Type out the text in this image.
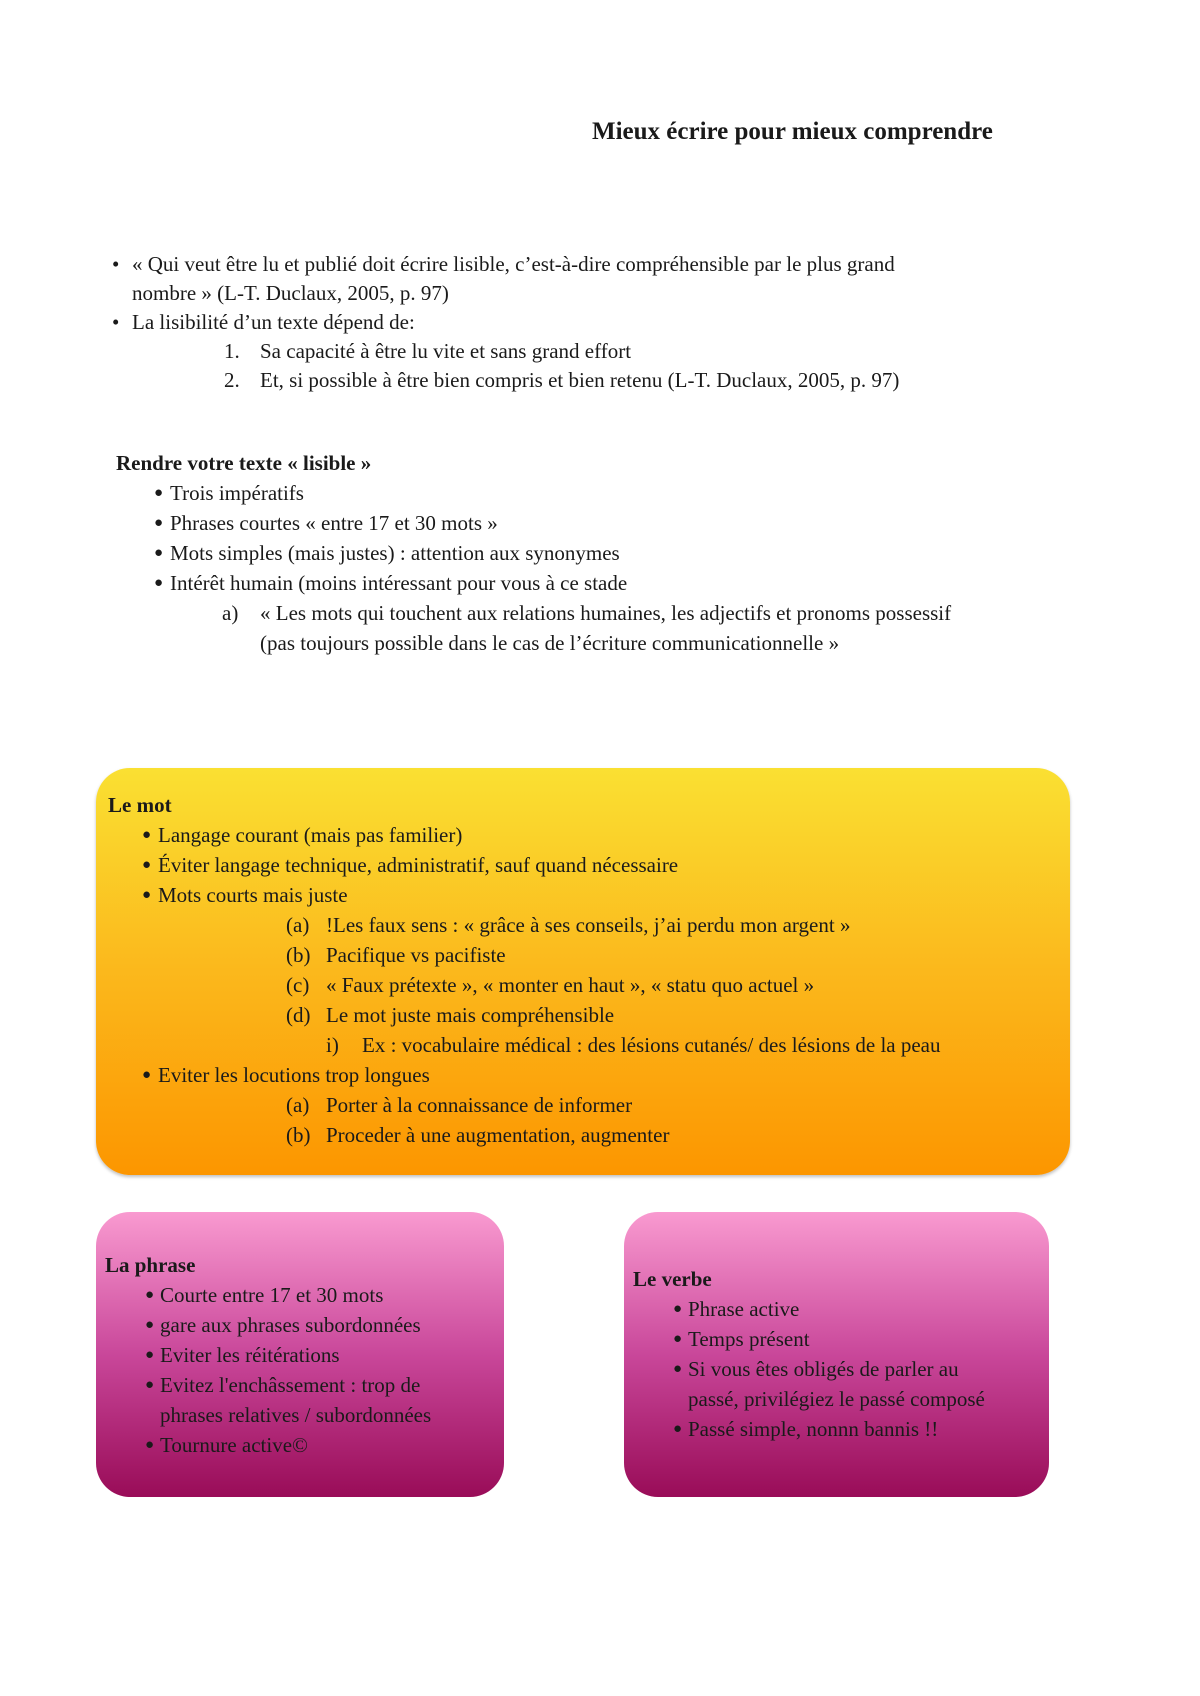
Mieux écrire pour mieux comprendre
• « Qui veut être lu et publié doit écrire lisible, c’est-à-dire compréhensible par le plus grand
nombre » (L-T. Duclaux, 2005, p. 97)
• La lisibilité d’un texte dépend de:
1. Sa capacité à être lu vite et sans grand effort
2. Et, si possible à être bien compris et bien retenu (L-T. Duclaux, 2005, p. 97)
Rendre votre texte « lisible »
● Trois impératifs
● Phrases courtes « entre 17 et 30 mots »
● Mots simples (mais justes) : attention aux synonymes
● Intérêt humain (moins intéressant pour vous à ce stade
a) « Les mots qui touchent aux relations humaines, les adjectifs et pronoms possessif
(pas toujours possible dans le cas de l’écriture communicationnelle »
Le mot
● Langage courant (mais pas familier)
● Éviter langage technique, administratif, sauf quand nécessaire
● Mots courts mais juste
(a) !Les faux sens : « grâce à ses conseils, j’ai perdu mon argent »
(b) Pacifique vs pacifiste
(c) « Faux prétexte », « monter en haut », « statu quo actuel »
(d) Le mot juste mais compréhensible
i) Ex : vocabulaire médical : des lésions cutanés/ des lésions de la peau
● Eviter les locutions trop longues
(a) Porter à la connaissance de informer
(b) Proceder à une augmentation, augmenter
La phrase
● Courte entre 17 et 30 mots
● gare aux phrases subordonnées
● Eviter les réitérations
● Evitez l'enchâssement : trop de
phrases relatives / subordonnées
● Tournure active©
Le verbe
● Phrase active
● Temps présent
● Si vous êtes obligés de parler au
passé, privilégiez le passé composé
● Passé simple, nonnn bannis !!
